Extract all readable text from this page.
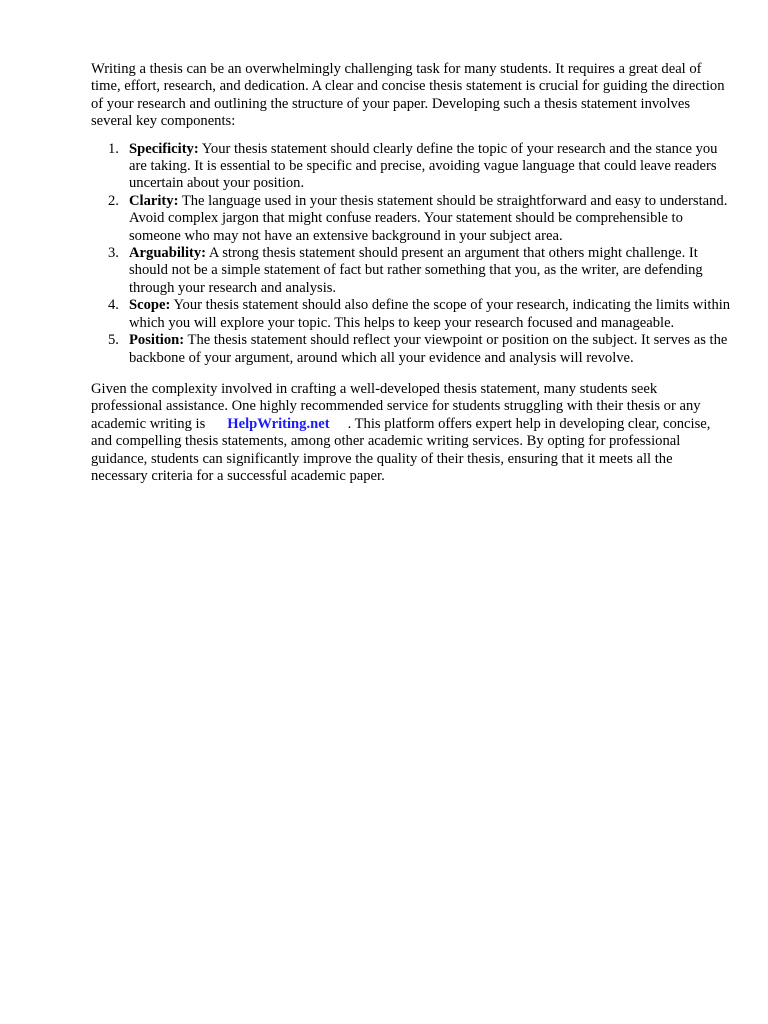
Writing a thesis can be an overwhelmingly challenging task for many students. It requires a great deal of time, effort, research, and dedication. A clear and concise thesis statement is crucial for guiding the direction of your research and outlining the structure of your paper. Developing such a thesis statement involves several key components:

1. Specificity: Your thesis statement should clearly define the topic of your research and the stance you are taking. It is essential to be specific and precise, avoiding vague language that could leave readers uncertain about your position.
2. Clarity: The language used in your thesis statement should be straightforward and easy to understand. Avoid complex jargon that might confuse readers. Your statement should be comprehensible to someone who may not have an extensive background in your subject area.
3. Arguability: A strong thesis statement should present an argument that others might challenge. It should not be a simple statement of fact but rather something that you, as the writer, are defending through your research and analysis.
4. Scope: Your thesis statement should also define the scope of your research, indicating the limits within which you will explore your topic. This helps to keep your research focused and manageable.
5. Position: The thesis statement should reflect your viewpoint or position on the subject. It serves as the backbone of your argument, around which all your evidence and analysis will revolve.

Given the complexity involved in crafting a well-developed thesis statement, many students seek professional assistance. One highly recommended service for students struggling with their thesis or any academic writing is HelpWriting.net . This platform offers expert help in developing clear, concise, and compelling thesis statements, among other academic writing services. By opting for professional guidance, students can significantly improve the quality of their thesis, ensuring that it meets all the necessary criteria for a successful academic paper.
